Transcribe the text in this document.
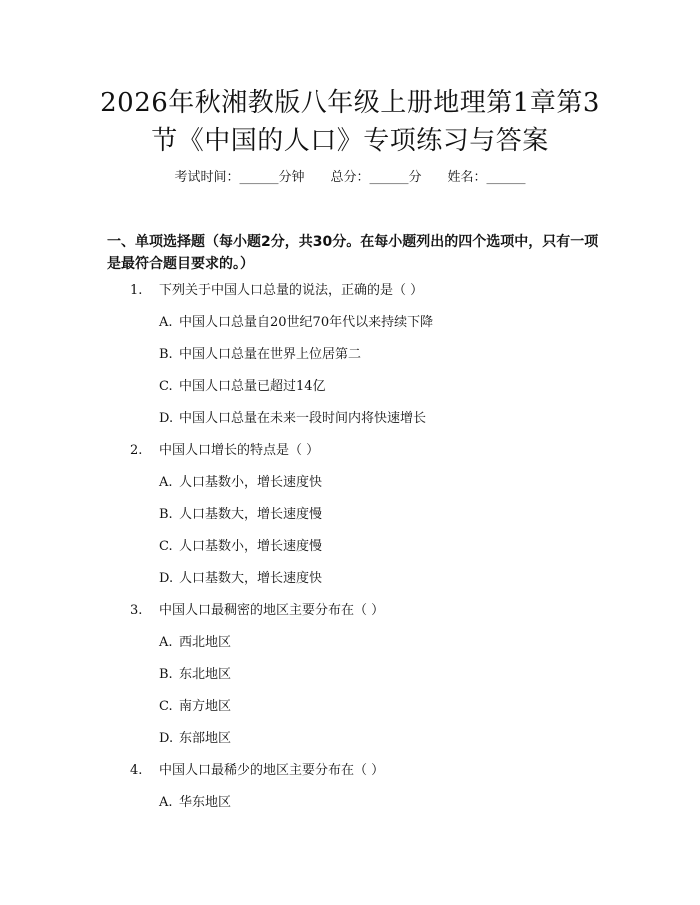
2026年秋湘教版八年级上册地理第1章第3
节《中国的人口》专项练习与答案
考试时间：______分钟 总分：______分 姓名：______
一、单项选择题（每小题2分，共30分。在每小题列出的四个选项中，只有一项
是最符合题目要求的。）
1. 下列关于中国人口总量的说法，正确的是（ ）
A. 中国人口总量自20世纪70年代以来持续下降
B. 中国人口总量在世界上位居第二
C. 中国人口总量已超过14亿
D. 中国人口总量在未来一段时间内将快速增长
2. 中国人口增长的特点是（ ）
A. 人口基数小，增长速度快
B. 人口基数大，增长速度慢
C. 人口基数小，增长速度慢
D. 人口基数大，增长速度快
3. 中国人口最稠密的地区主要分布在（ ）
A. 西北地区
B. 东北地区
C. 南方地区
D. 东部地区
4. 中国人口最稀少的地区主要分布在（ ）
A. 华东地区
